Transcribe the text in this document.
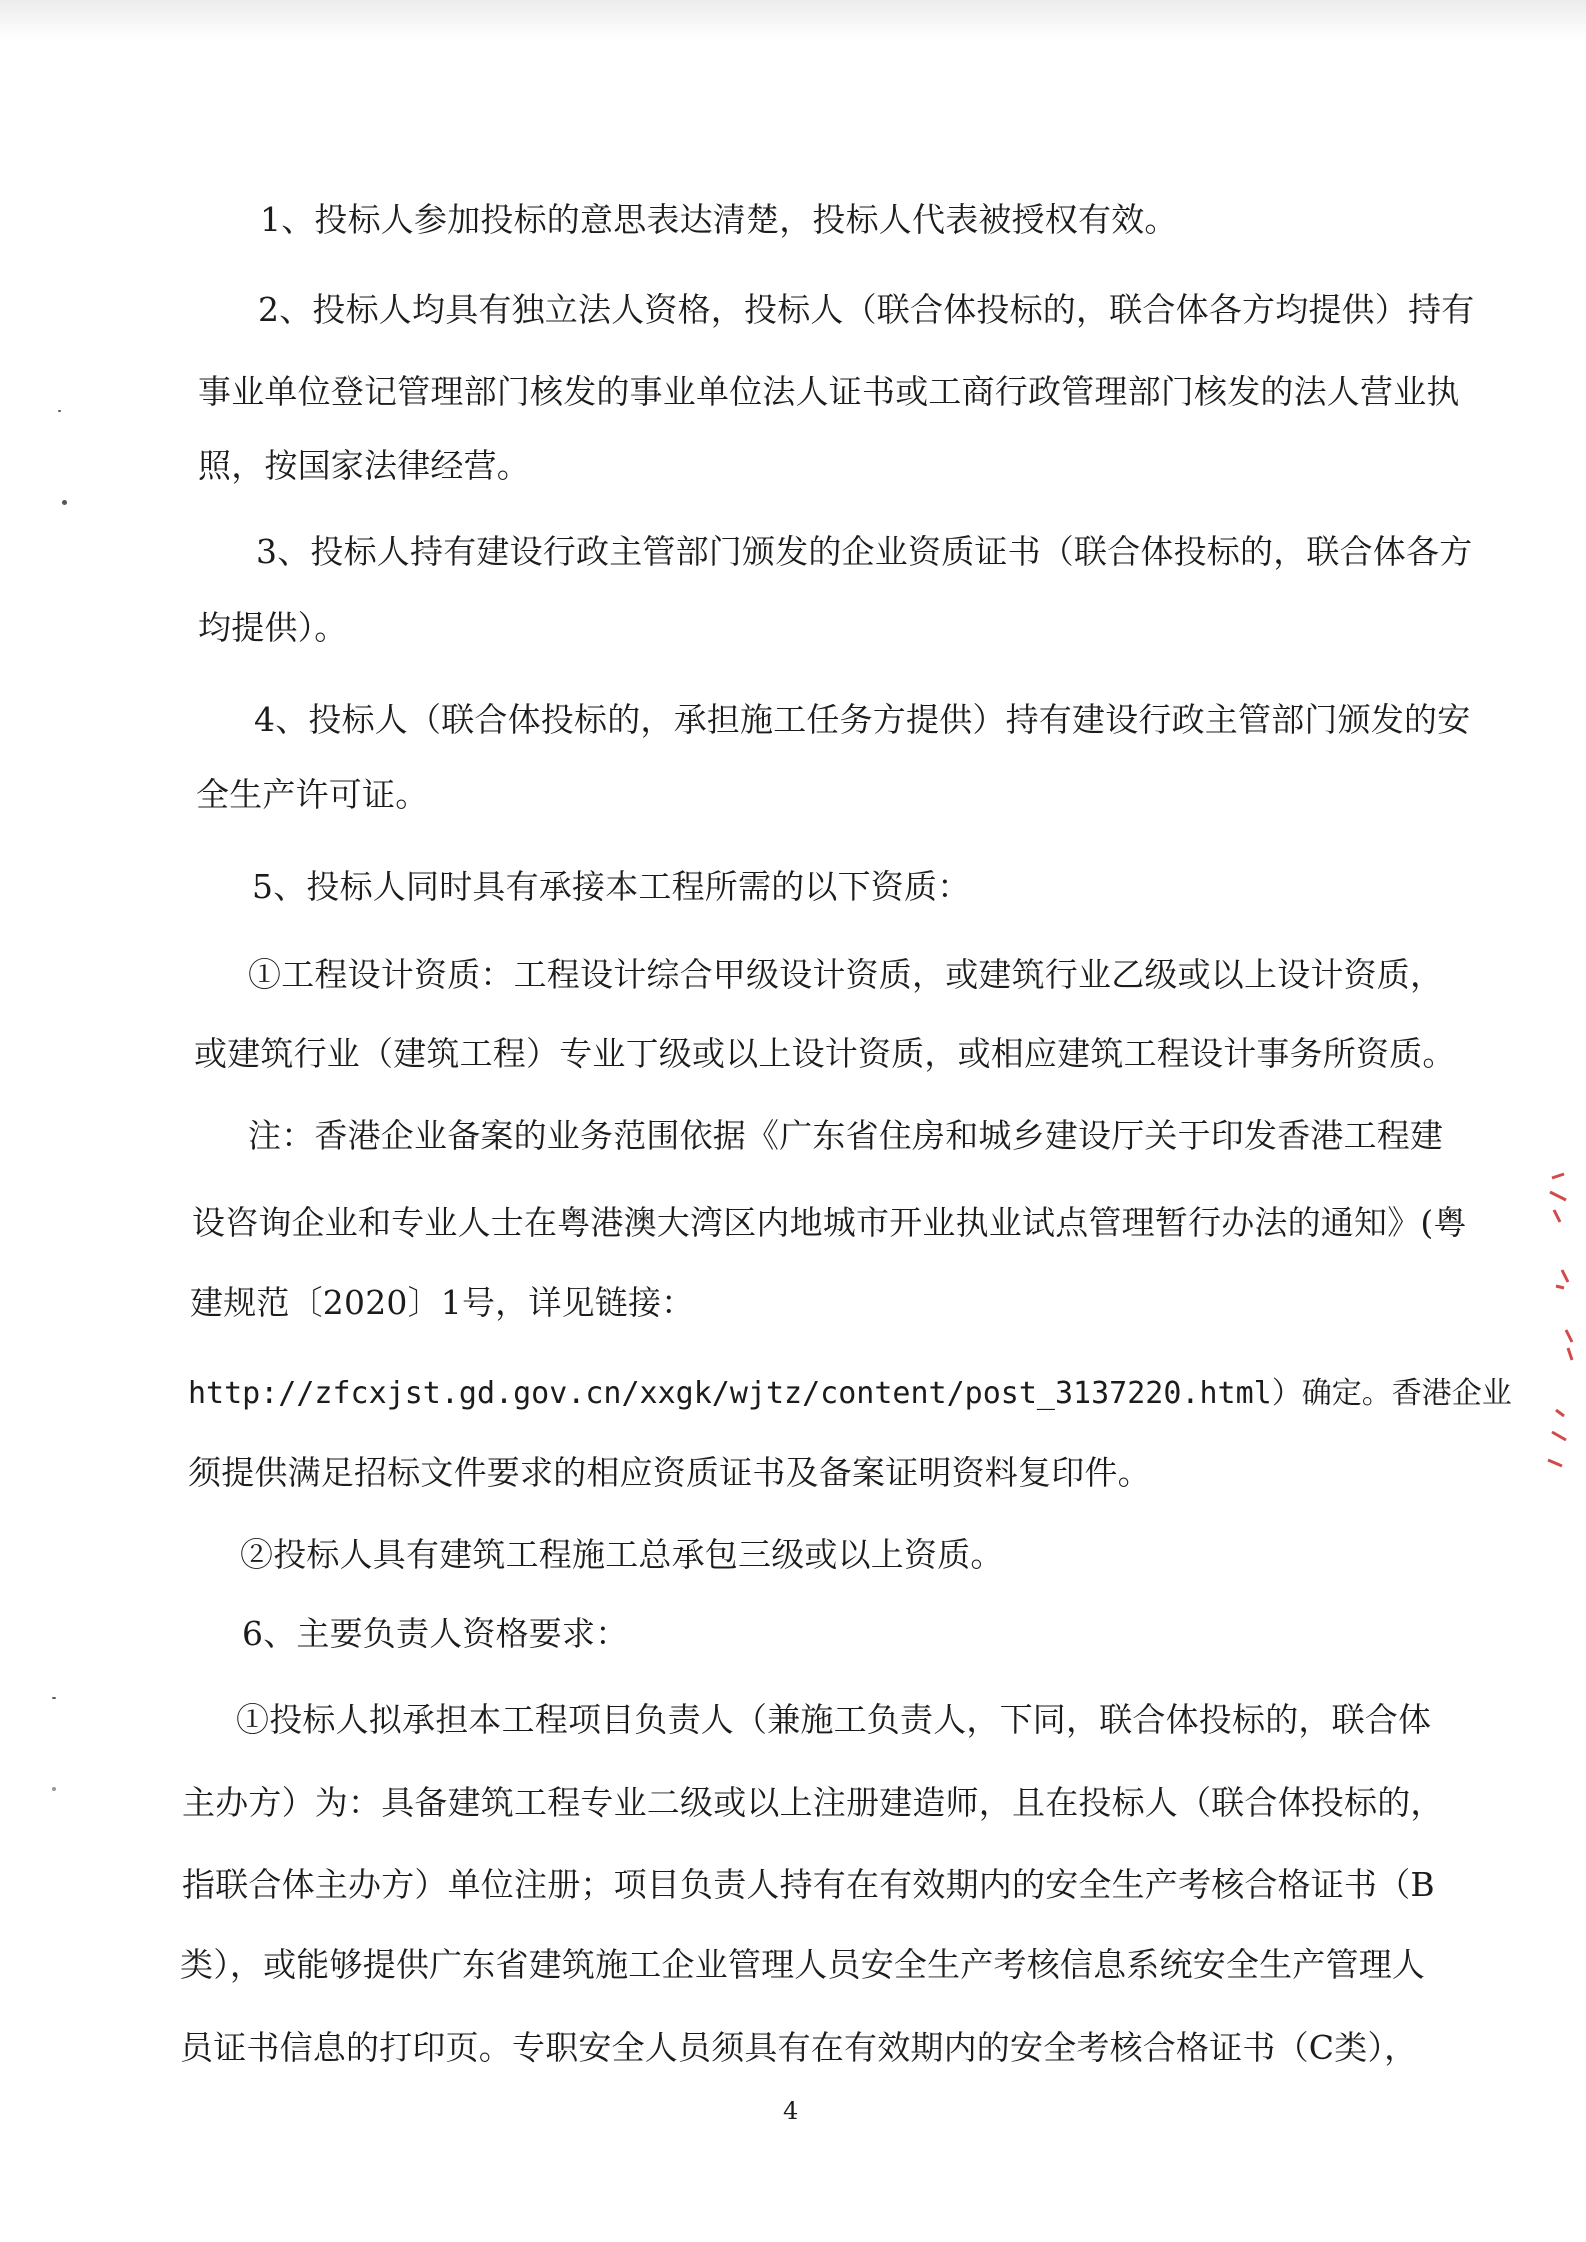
1、投标人参加投标的意思表达清楚，投标人代表被授权有效。
2、投标人均具有独立法人资格，投标人（联合体投标的，联合体各方均提供）持有
事业单位登记管理部门核发的事业单位法人证书或工商行政管理部门核发的法人营业执
照，按国家法律经营。
3、投标人持有建设行政主管部门颁发的企业资质证书（联合体投标的，联合体各方
均提供）。
4、投标人（联合体投标的，承担施工任务方提供）持有建设行政主管部门颁发的安
全生产许可证。
5、投标人同时具有承接本工程所需的以下资质：
①工程设计资质：工程设计综合甲级设计资质，或建筑行业乙级或以上设计资质，
或建筑行业（建筑工程）专业丁级或以上设计资质，或相应建筑工程设计事务所资质。
注：香港企业备案的业务范围依据《广东省住房和城乡建设厅关于印发香港工程建
设咨询企业和专业人士在粤港澳大湾区内地城市开业执业试点管理暂行办法的通知》(粤
建规范〔2020〕1号，详见链接：
http://zfcxjst.gd.gov.cn/xxgk/wjtz/content/post_3137220.html）确定。香港企业
须提供满足招标文件要求的相应资质证书及备案证明资料复印件。
②投标人具有建筑工程施工总承包三级或以上资质。
6、主要负责人资格要求：
①投标人拟承担本工程项目负责人（兼施工负责人，下同，联合体投标的，联合体
主办方）为：具备建筑工程专业二级或以上注册建造师，且在投标人（联合体投标的，
指联合体主办方）单位注册；项目负责人持有在有效期内的安全生产考核合格证书（B
类），或能够提供广东省建筑施工企业管理人员安全生产考核信息系统安全生产管理人
员证书信息的打印页。专职安全人员须具有在有效期内的安全考核合格证书（C类），
4
